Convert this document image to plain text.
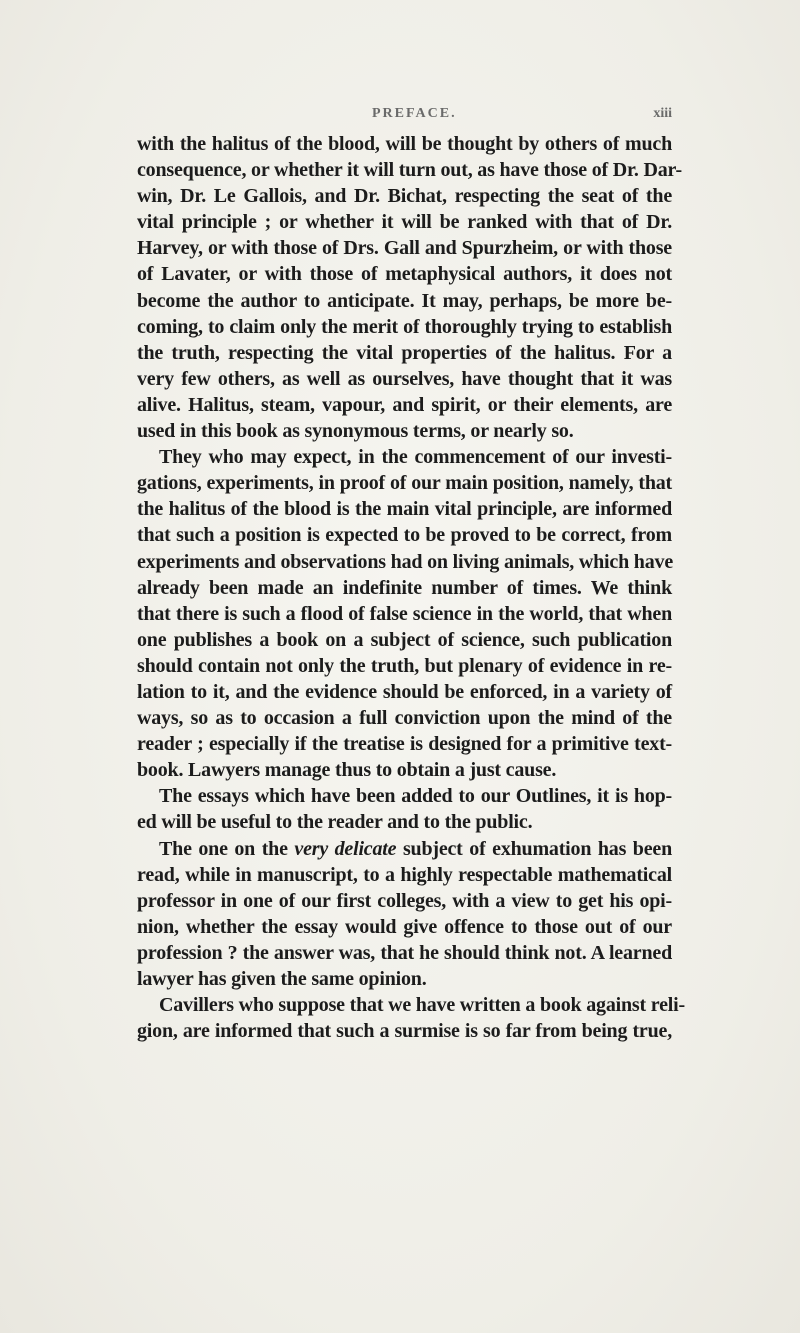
PREFACE.	xiii
with the halitus of the blood, will be thought by others of much
consequence, or whether it will turn out, as have those of Dr. Dar-
win, Dr. Le Gallois, and Dr. Bichat, respecting the seat of the
vital principle ; or whether it will be ranked with that of Dr.
Harvey, or with those of Drs. Gall and Spurzheim, or with those
of Lavater, or with those of metaphysical authors, it does not
become the author to anticipate. It may, perhaps, be more be-
coming, to claim only the merit of thoroughly trying to establish
the truth, respecting the vital properties of the halitus. For a
very few others, as well as ourselves, have thought that it was
alive. Halitus, steam, vapour, and spirit, or their elements, are
used in this book as synonymous terms, or nearly so.
They who may expect, in the commencement of our investi-
gations, experiments, in proof of our main position, namely, that
the halitus of the blood is the main vital principle, are informed
that such a position is expected to be proved to be correct, from
experiments and observations had on living animals, which have
already been made an indefinite number of times. We think
that there is such a flood of false science in the world, that when
one publishes a book on a subject of science, such publication
should contain not only the truth, but plenary of evidence in re-
lation to it, and the evidence should be enforced, in a variety of
ways, so as to occasion a full conviction upon the mind of the
reader ; especially if the treatise is designed for a primitive text-
book. Lawyers manage thus to obtain a just cause.
The essays which have been added to our Outlines, it is hop-
ed will be useful to the reader and to the public.
The one on the very delicate subject of exhumation has been
read, while in manuscript, to a highly respectable mathematical
professor in one of our first colleges, with a view to get his opi-
nion, whether the essay would give offence to those out of our
profession ? the answer was, that he should think not. A learned
lawyer has given the same opinion.
Cavillers who suppose that we have written a book against reli-
gion, are informed that such a surmise is so far from being true,
